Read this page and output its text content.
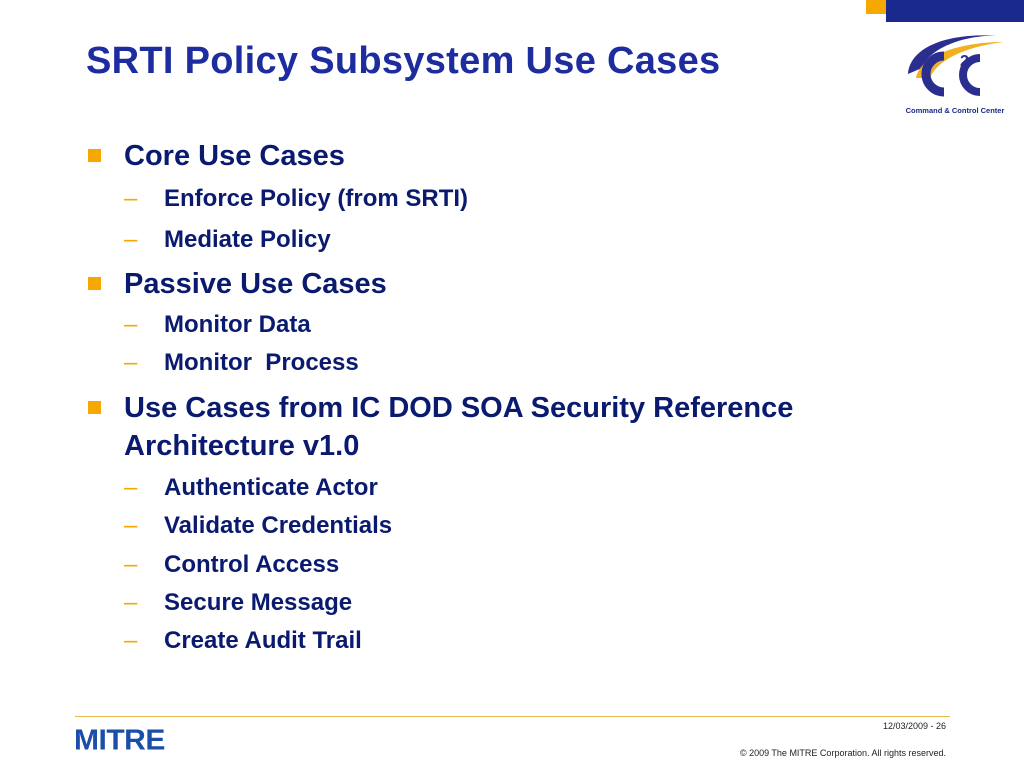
SRTI Policy Subsystem Use Cases	2
Command & Control Center
Core Use Cases
– Enforce Policy (from SRTI)
– Mediate Policy
Passive Use Cases
– Monitor Data
– Monitor  Process
Use Cases from IC DOD SOA Security Reference Architecture v1.0
– Authenticate Actor
– Validate Credentials
– Control Access
– Secure Message
– Create Audit Trail
MITRE	12/03/2009 - 26
© 2009 The MITRE Corporation. All rights reserved.
